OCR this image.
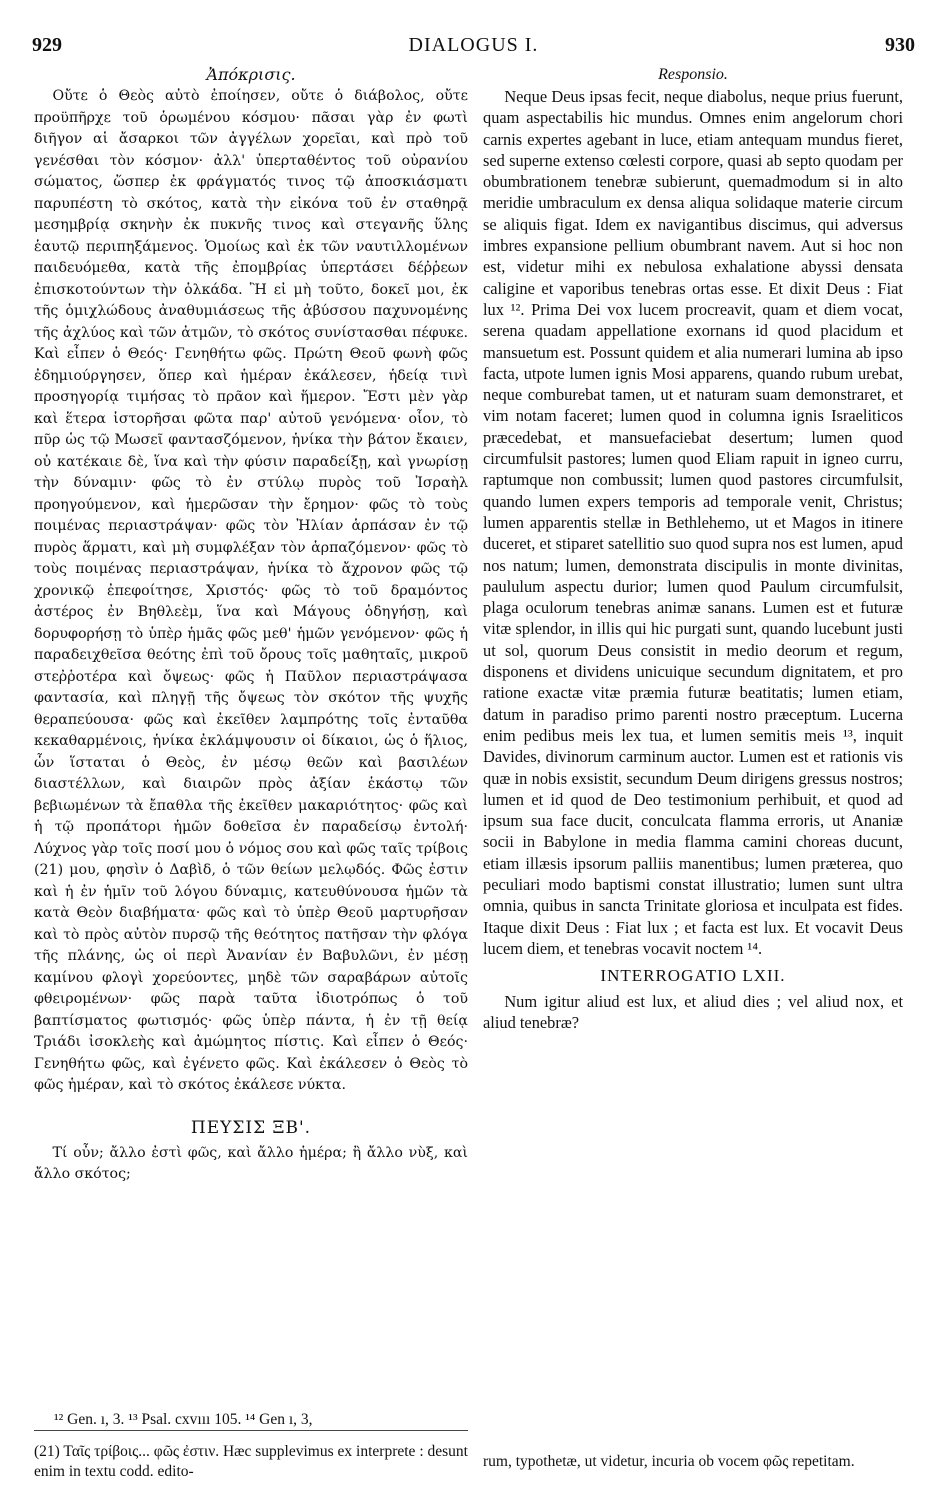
929	DIALOGUS I.	930
Ἀπόκρισις.

Οὔτε ὁ Θεὸς αὐτὸ ἐποίησεν, οὔτε ὁ διάβολος, οὔτε προϋπῆρχε τοῦ ὁρωμένου κόσμου· πᾶσαι γὰρ ἐν φωτὶ διῆγον αἱ ἄσαρκοι τῶν ἀγγέλων χορεῖαι, καὶ πρὸ τοῦ γενέσθαι τὸν κόσμον· ἀλλ' ὑπερταθέντος τοῦ οὐρανίου σώματος, ὥσπερ ἐκ φράγματός τινος τῷ ἀποσκιάσματι παρυπέστη τὸ σκότος, κατὰ τὴν εἰκόνα τοῦ ἐν σταθηρᾷ μεσημβρίᾳ σκηνὴν ἐκ πυκνῆς τινος καὶ στεγανῆς ὕλης ἑαυτῷ περιπηξάμενος. Ὁμοίως καὶ ἐκ τῶν ναυτιλλομένων παιδευόμεθα, κατὰ τῆς ἐπομβρίας ὑπερτάσει δέῤῥεων ἐπισκοτούντων τὴν ὁλκάδα. Ἢ εἰ μὴ τοῦτο, δοκεῖ μοι, ἐκ τῆς ὁμιχλώδους ἀναθυμιάσεως τῆς ἀβύσσου παχυνομένης τῆς ἀχλύος καὶ τῶν ἀτμῶν, τὸ σκότος συνίστασθαι πέφυκε. Καὶ εἶπεν ὁ Θεός· Γενηθήτω φῶς. Πρώτη Θεοῦ φωνὴ φῶς ἐδημιούργησεν, ὅπερ καὶ ἡμέραν ἐκάλεσεν, ἡδείᾳ τινὶ προσηγορίᾳ τιμήσας τὸ πρᾶον καὶ ἥμερον. Ἔστι μὲν γὰρ καὶ ἕτερα ἱστορῆσαι φῶτα παρ' αὐτοῦ γενόμενα· οἷον, τὸ πῦρ ὡς τῷ Μωσεῖ φαντασζόμενον, ἡνίκα τὴν βάτον ἔκαιεν, οὐ κατέκαιε δὲ, ἵνα καὶ τὴν φύσιν παραδείξῃ, καὶ γνωρίσῃ τὴν δύναμιν· φῶς τὸ ἐν στύλῳ πυρὸς τοῦ Ἰσραὴλ προηγούμενον, καὶ ἡμερῶσαν τὴν ἔρημον· φῶς τὸ τοὺς ποιμένας περιαστράψαν· φῶς τὸν Ἠλίαν ἁρπάσαν ἐν τῷ πυρὸς ἅρματι, καὶ μὴ συμφλέξαν τὸν ἁρπαζόμενον· φῶς τὸ τοὺς ποιμένας περιαστράψαν, ἡνίκα τὸ ἄχρονον φῶς τῷ χρονικῷ ἐπεφοίτησε, Χριστός· φῶς τὸ τοῦ δραμόντος ἀστέρος ἐν Βηθλεὲμ, ἵνα καὶ Μάγους ὁδηγήσῃ, καὶ δορυφορήσῃ τὸ ὑπὲρ ἡμᾶς φῶς μεθ' ἡμῶν γενόμενον· φῶς ἡ παραδειχθεῖσα θεότης ἐπὶ τοῦ ὄρους τοῖς μαθηταῖς, μικροῦ στεῤῥοτέρα καὶ ὄψεως· φῶς ἡ Παῦλον περιαστράψασα φαντασία, καὶ πληγῇ τῆς ὄψεως τὸν σκότον τῆς ψυχῆς θεραπεύουσα· φῶς καὶ ἐκεῖθεν λαμπρότης τοῖς ἐνταῦθα κεκαθαρμένοις, ἡνίκα ἐκλάμψουσιν οἱ δίκαιοι, ὡς ὁ ἥλιος, ὧν ἵσταται ὁ Θεὸς, ἐν μέσῳ θεῶν καὶ βασιλέων διαστέλλων, καὶ διαιρῶν πρὸς ἀξίαν ἑκάστῳ τῶν βεβιωμένων τὰ ἔπαθλα τῆς ἐκεῖθεν μακαριότητος· φῶς καὶ ἡ τῷ προπάτορι ἡμῶν δοθεῖσα ἐν παραδείσῳ ἐντολή· Λύχνος γὰρ τοῖς ποσί μου ὁ νόμος σου καὶ φῶς ταῖς τρίβοις (21) μου, φησὶν ὁ Δαβὶδ, ὁ τῶν θείων μελῳδός. Φῶς ἐστιν καὶ ἡ ἐν ἡμῖν τοῦ λόγου δύναμις, κατευθύνουσα ἡμῶν τὰ κατὰ Θεὸν διαβήματα· φῶς καὶ τὸ ὑπὲρ Θεοῦ μαρτυρῆσαν καὶ τὸ πρὸς αὐτὸν πυρσῷ τῆς θεότητος πατῆσαν τὴν φλόγα τῆς πλάνης, ὡς οἱ περὶ Ἀνανίαν ἐν Βαβυλῶνι, ἐν μέσῃ καμίνου φλογὶ χορεύοντες, μηδὲ τῶν σαραβάρων αὐτοῖς φθειρομένων· φῶς παρὰ ταῦτα ἰδιοτρόπως ὁ τοῦ βαπτίσματος φωτισμός· φῶς ὑπὲρ πάντα, ἡ ἐν τῇ θείᾳ Τριάδι ἰσοκλεὴς καὶ ἀμώμητος πίστις. Καὶ εἶπεν ὁ Θεός· Γενηθήτω φῶς, καὶ ἐγένετο φῶς. Καὶ ἐκάλεσεν ὁ Θεὸς τὸ φῶς ἡμέραν, καὶ τὸ σκότος ἐκάλεσε νύκτα.

ΠΕΥΣΙΣ ΞΒ'.

Τί οὖν; ἄλλο ἐστὶ φῶς, καὶ ἄλλο ἡμέρα; ἢ ἄλλο νὺξ, καὶ ἄλλο σκότος;

Responsio.

Neque Deus ipsas fecit, neque diabolus, neque prius fuerunt, quam aspectabilis hic mundus. Omnes enim angelorum chori carnis expertes agebant in luce, etiam antequam mundus fieret, sed superne extenso cœlesti corpore, quasi ab septo quodam per obumbrationem tenebræ subierunt, quemadmodum si in alto meridie umbraculum ex densa aliqua solidaque materie circum se aliquis figat. Idem ex navigantibus discimus, qui adversus imbres expansione pellium obumbrant navem. Aut si hoc non est, videtur mihi ex nebulosa exhalatione abyssi densata caligine et vaporibus tenebras ortas esse. Et dixit Deus : Fiat lux ¹². Prima Dei vox lucem procreavit, quam et diem vocat, serena quadam appellatione exornans id quod placidum et mansuetum est. Possunt quidem et alia numerari lumina ab ipso facta, utpote lumen ignis Mosi apparens, quando rubum urebat, neque comburebat tamen, ut et naturam suam demonstraret, et vim notam faceret; lumen quod in columna ignis Israeliticos præcedebat, et mansuefaciebat desertum; lumen quod circumfulsit pastores; lumen quod Eliam rapuit in igneo curru, raptumque non combussit; lumen quod pastores circumfulsit, quando lumen expers temporis ad temporale venit, Christus; lumen apparentis stellæ in Bethlehemo, ut et Magos in itinere duceret, et stiparet satellitio suo quod supra nos est lumen, apud nos natum; lumen, demonstrata discipulis in monte divinitas, paululum aspectu durior; lumen quod Paulum circumfulsit, plaga oculorum tenebras animæ sanans. Lumen est et futuræ vitæ splendor, in illis qui hic purgati sunt, quando lucebunt justi ut sol, quorum Deus consistit in medio deorum et regum, disponens et dividens unicuique secundum dignitatem, et pro ratione exactæ vitæ præmia futuræ beatitatis; lumen etiam, datum in paradiso primo parenti nostro præceptum. Lucerna enim pedibus meis lex tua, et lumen semitis meis ¹³, inquit Davides, divinorum carminum auctor. Lumen est et rationis vis quæ in nobis exsistit, secundum Deum dirigens gressus nostros; lumen et id quod de Deo testimonium perhibuit, et quod ad ipsum sua face ducit, conculcata flamma erroris, ut Ananiæ socii in Babylone in media flamma camini choreas ducunt, etiam illæsis ipsorum palliis manentibus; lumen præterea, quo peculiari modo baptismi constat illustratio; lumen sunt ultra omnia, quibus in sancta Trinitate gloriosa et inculpata est fides. Itaque dixit Deus : Fiat lux ; et facta est lux. Et vocavit Deus lucem diem, et tenebras vocavit noctem ¹⁴.

INTERROGATIO LXII.

Num igitur aliud est lux, et aliud dies ; vel aliud nox, et aliud tenebræ?

¹² Gen. ı, 3. ¹³ Psal. cxvııı 105. ¹⁴ Gen ı, 3,

(21) Ταῖς τρίβοις... φῶς ἐστιν. Hæc supplevimus ex interprete : desunt enim in textu codd. edito-
rum, typothetæ, ut videtur, incuria ob vocem φῶς repetitam.
